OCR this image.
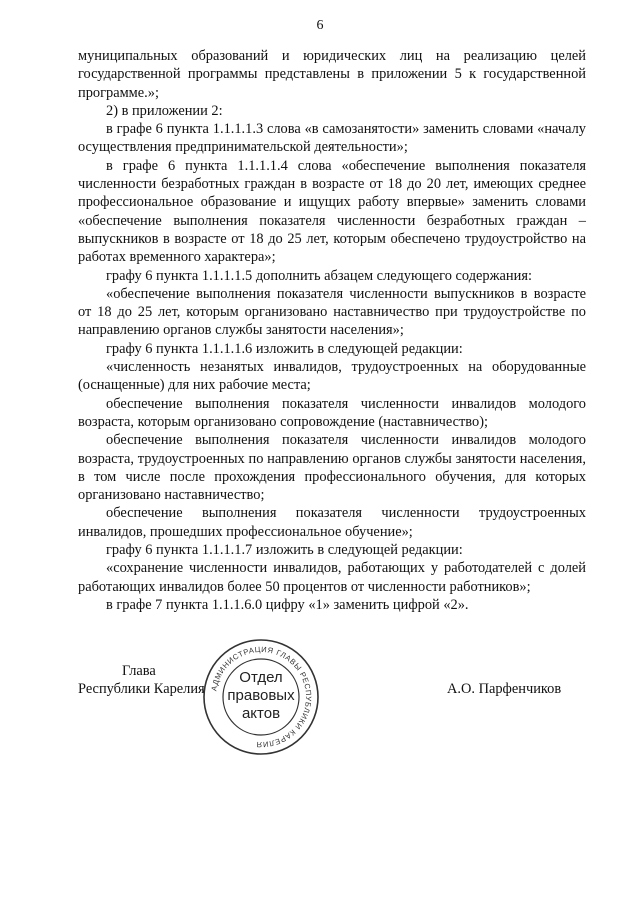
6

муниципальных образований и юридических лиц на реализацию целей государственной программы представлены в приложении 5 к государственной программе.»;

2) в приложении 2:

в графе 6 пункта 1.1.1.1.3 слова «в самозанятости» заменить словами «началу осуществления предпринимательской деятельности»;

в графе 6 пункта 1.1.1.1.4 слова «обеспечение выполнения показателя численности безработных граждан в возрасте от 18 до 20 лет, имеющих среднее профессиональное образование и ищущих работу впервые» заменить словами «обеспечение выполнения показателя численности безработных граждан – выпускников в возрасте от 18 до 25 лет, которым обеспечено трудоустройство на работах временного характера»;

графу 6 пункта 1.1.1.1.5 дополнить абзацем следующего содержания:

«обеспечение выполнения показателя численности выпускников в возрасте от 18 до 25 лет, которым организовано наставничество при трудоустройстве по направлению органов службы занятости населения»;

графу 6 пункта 1.1.1.1.6 изложить в следующей редакции:

«численность незанятых инвалидов, трудоустроенных на оборудованные (оснащенные) для них рабочие места;

обеспечение выполнения показателя численности инвалидов молодого возраста, которым организовано сопровождение (наставничество);

обеспечение выполнения показателя численности инвалидов молодого возраста, трудоустроенных по направлению органов службы занятости населения, в том числе после прохождения профессионального обучения, для которых организовано наставничество;

обеспечение выполнения показателя численности трудоустроенных инвалидов, прошедших профессиональное обучение»;

графу 6 пункта 1.1.1.1.7 изложить в следующей редакции:

«сохранение численности инвалидов, работающих у работодателей с долей работающих инвалидов более 50 процентов от численности работников»;

в графе 7 пункта 1.1.1.6.0 цифру «1» заменить цифрой «2».

Глава
Республики Карелия	А.О. Парфенчиков
АДМИНИСТРАЦИЯ ГЛАВЫ РЕСПУБЛИКИ КАРЕЛИЯ
Отдел
правовых
актов
